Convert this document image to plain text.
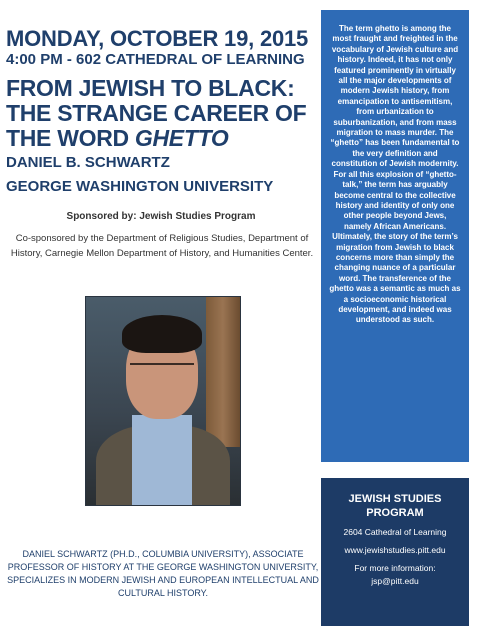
MONDAY, OCTOBER 19, 2015
4:00 PM - 602 CATHEDRAL OF LEARNING
FROM JEWISH TO BLACK:
THE STRANGE CAREER OF
THE WORD GHETTO
DANIEL B. SCHWARTZ
GEORGE WASHINGTON UNIVERSITY
Sponsored by: Jewish Studies Program
Co-sponsored by the Department of Religious Studies, Department of History, Carnegie Mellon Department of History, and Humanities Center.
DANIEL SCHWARTZ (PH.D., COLUMBIA UNIVERSITY), ASSOCIATE PROFESSOR OF HISTORY AT THE GEORGE WASHINGTON UNIVERSITY, SPECIALIZES IN MODERN JEWISH AND EUROPEAN INTELLECTUAL AND CULTURAL HISTORY.
The term ghetto is among the most fraught and freighted in the vocabulary of Jewish culture and history. Indeed, it has not only featured prominently in virtually all the major developments of modern Jewish history, from emancipation to antisemitism, from urbanization to suburbanization, and from mass migration to mass murder. The “ghetto” has been fundamental to the very definition and constitution of Jewish modernity. For all this explosion of “ghetto-talk,” the term has arguably become central to the collective history and identity of only one other people beyond Jews, namely African Americans. Ultimately, the story of the term’s migration from Jewish to black concerns more than simply the changing nuance of a particular word. The transference of the ghetto was a semantic as much as a socioeconomic historical development, and indeed was understood as such.
JEWISH STUDIES
PROGRAM
2604 Cathedral of Learning
www.jewishstudies.pitt.edu
For more information:
jsp@pitt.edu
